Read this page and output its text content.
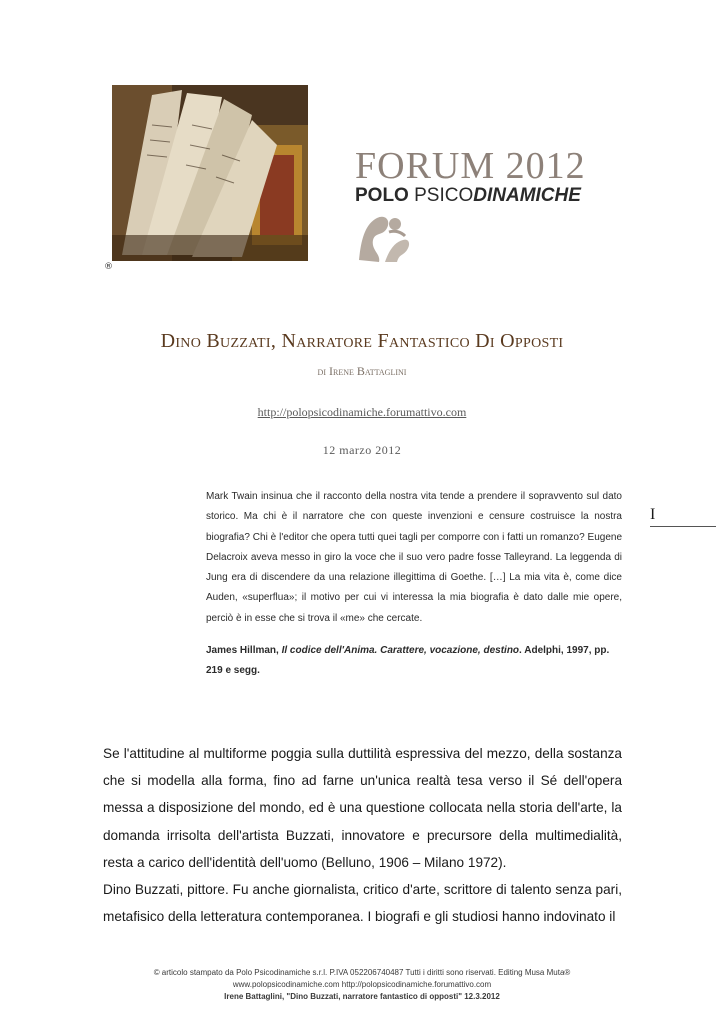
®
FORUM 2012
POLO PSICODINAMICHE
Dino Buzzati, Narratore Fantastico Di Opposti
di Irene Battaglini
http://polopsicodinamiche.forumattivo.com
12 marzo 2012

Mark Twain insinua che il racconto della nostra vita tende a prendere il sopravvento sul dato storico. Ma chi è il narratore che con queste invenzioni e censure costruisce la nostra biografia? Chi è l'editor che opera tutti quei tagli per comporre con i fatti un romanzo? Eugene Delacroix aveva messo in giro la voce che il suo vero padre fosse Talleyrand. La leggenda di Jung era di discendere da una relazione illegittima di Goethe. […] La mia vita è, come dice Auden, «superflua»; il motivo per cui vi interessa la mia biografia è dato dalle mie opere, perciò è in esse che si trova il «me» che cercate.

James Hillman, Il codice dell'Anima. Carattere, vocazione, destino. Adelphi, 1997, pp. 219 e segg.

I

Se l'attitudine al multiforme poggia sulla duttilità espressiva del mezzo, della sostanza che si modella alla forma, fino ad farne un'unica realtà tesa verso il Sé dell'opera messa a disposizione del mondo, ed è una questione collocata nella storia dell'arte, la domanda irrisolta dell'artista Buzzati, innovatore e precursore della multimedialità, resta a carico dell'identità dell'uomo (Belluno, 1906 – Milano 1972).

Dino Buzzati, pittore. Fu anche giornalista, critico d'arte, scrittore di talento senza pari, metafisico della letteratura contemporanea. I biografi e gli studiosi hanno indovinato il

© articolo stampato da Polo Psicodinamiche s.r.l. P.IVA 052206740487 Tutti i diritti sono riservati. Editing Musa Muta®
www.polopsicodinamiche.com http://polopsicodinamiche.forumattivo.com
Irene Battaglini, "Dino Buzzati, narratore fantastico di opposti" 12.3.2012
